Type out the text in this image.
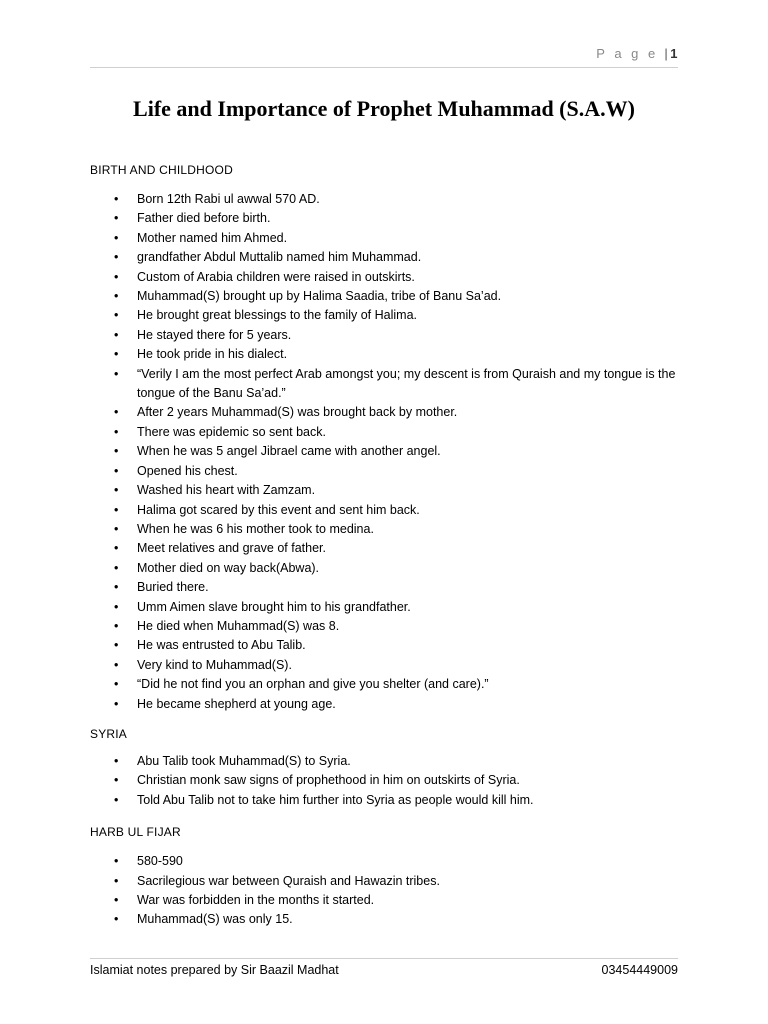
P a g e | 1
Life and Importance of Prophet Muhammad (S.A.W)

BIRTH AND CHILDHOOD

• Born 12th Rabi ul awwal 570 AD.
• Father died before birth.
• Mother named him Ahmed.
• grandfather Abdul Muttalib named him Muhammad.
• Custom of Arabia children were raised in outskirts.
• Muhammad(S) brought up by Halima Saadia, tribe of Banu Sa’ad.
• He brought great blessings to the family of Halima.
• He stayed there for 5 years.
• He took pride in his dialect.
• “Verily I am the most perfect Arab amongst you; my descent is from Quraish and my tongue is the tongue of the Banu Sa’ad.”
• After 2 years Muhammad(S) was brought back by mother.
• There was epidemic so sent back.
• When he was 5 angel Jibrael came with another angel.
• Opened his chest.
• Washed his heart with Zamzam.
• Halima got scared by this event and sent him back.
• When he was 6 his mother took to medina.
• Meet relatives and grave of father.
• Mother died on way back(Abwa).
• Buried there.
• Umm Aimen slave brought him to his grandfather.
• He died when Muhammad(S) was 8.
• He was entrusted to Abu Talib.
• Very kind to Muhammad(S).
• “Did he not find you an orphan and give you shelter (and care).”
• He became shepherd at young age.

SYRIA

• Abu Talib took Muhammad(S) to Syria.
• Christian monk saw signs of prophethood in him on outskirts of Syria.
• Told Abu Talib not to take him further into Syria as people would kill him.

HARB UL FIJAR

• 580-590
• Sacrilegious war between Quraish and Hawazin tribes.
• War was forbidden in the months it started.
• Muhammad(S) was only 15.
Islamiat notes prepared by Sir Baazil Madhat	03454449009
